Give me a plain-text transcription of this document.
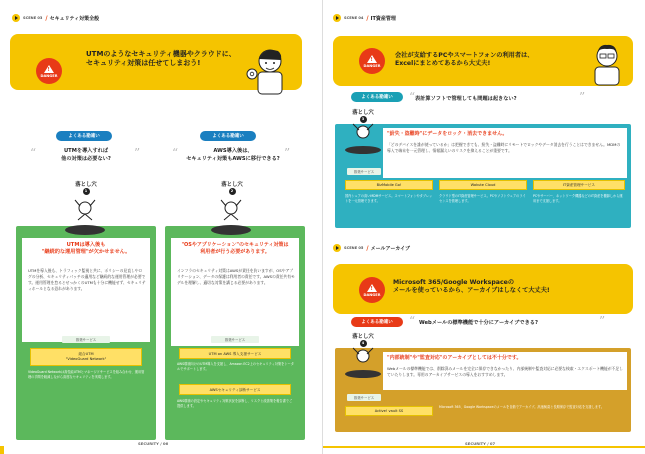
SCENE 03 / セキュリティ対策全般
!
DANGER
UTMのようなセキュリティ機器やクラウドに、
セキュリティ対策は任せてしまおう!
よくある勘違い	よくある勘違い
“	”
UTMを導入すれば
他の対策は必要ない?	“	”
AWS導入後は、
セキュリティ対策もAWSに移行できる?
落とし穴
1
落とし穴
2
UTMは導入後も
"継続的な運用管理"が欠かせません。
UTMを導入後も、トラフィック監視と共に、ポリシーの見直しやログの分析、セキュリティパッチの適用など継続的な運用管理が必要です。運用管理を怠るとせっかくのUTMも十分に機能せず、セキュリティホールとなる恐れがあります。
"OSやアプリケーション"のセキュリティ対策は
利用者が行う必要があります。
インフラのセキュリティ対策はAWSが責任を負いますが、OSやアプリケーション、データの保護は利用者の責任です。AWSの責任共有モデルを理解し、適切な対策を講じる必要があります。
推奨サービス
総合UTM
"VideoGuard Network"
VideoGuard Networkは高性能UTMとマネージドサービスを組み合わせ、運用管理の手間を軽減しながら高度なセキュリティを実現します。
推奨サービス
UTM on AWS 導入支援サービス
AWS環境向けのUTM導入を支援し、Amazon EC2上のセキュリティ対策をトータルでサポートします。
AWSセキュリティ診断サービス
AWS環境の設定やセキュリティ対策状況を診断し、リスクと改善策を報告書でご提供します。
SECURITY / 06
SCENE 04 / IT資産管理
!
DANGER
会社が支給するPCやスマートフォンの利用者は、
Excelにまとめてあるから大丈夫!
よくある勘違い	“ 表計算ソフトで管理しても問題は起きない?	”
落とし穴
3
"紛失・盗難時"にデータをロック・消去できません。
「どのデバイスを誰が使っているか」は把握できても、紛失・盗難時にリモートでロックやデータ消去を行うことはできません。MDMの導入で端末を一元管理し、情報漏えいのリスクを抑えることが重要です。
推奨サービス
BizMobile Go!	Wakute Cloud	IT資産管理サービス
国内シェアの高いMDMサービス。スマートフォンやタブレットを一元管理できます。
クラウド型のIT資産管理サービス。PCやソフトウェアのライセンスを管理します。
PCやサーバー、ネットワーク機器などのIT資産を棚卸しから運用まで支援します。
SCENE 05 / メールアーカイブ
!
DANGER
Microsoft 365/Google Workspaceの
メールを使っているから、アーカイブはしなくて大丈夫!
よくある勘違い	“ Webメールの標準機能で十分にアーカイブできる?	”
落とし穴
4
"内部統制"や"監査対応"のアーカイブとしては不十分です。
Webメールの標準機能では、削除済みメールを完全に保存できなかったり、内部統制や監査対応に必要な検索・エクスポート機能が不足していたりします。専用のアーカイブサービスの導入をおすすめします。
推奨サービス
Active! vault SS
Microsoft 365、Google Workspaceのメールを自動でアーカイブ。高速検索と長期保存で監査対応を支援します。
SECURITY / 07
